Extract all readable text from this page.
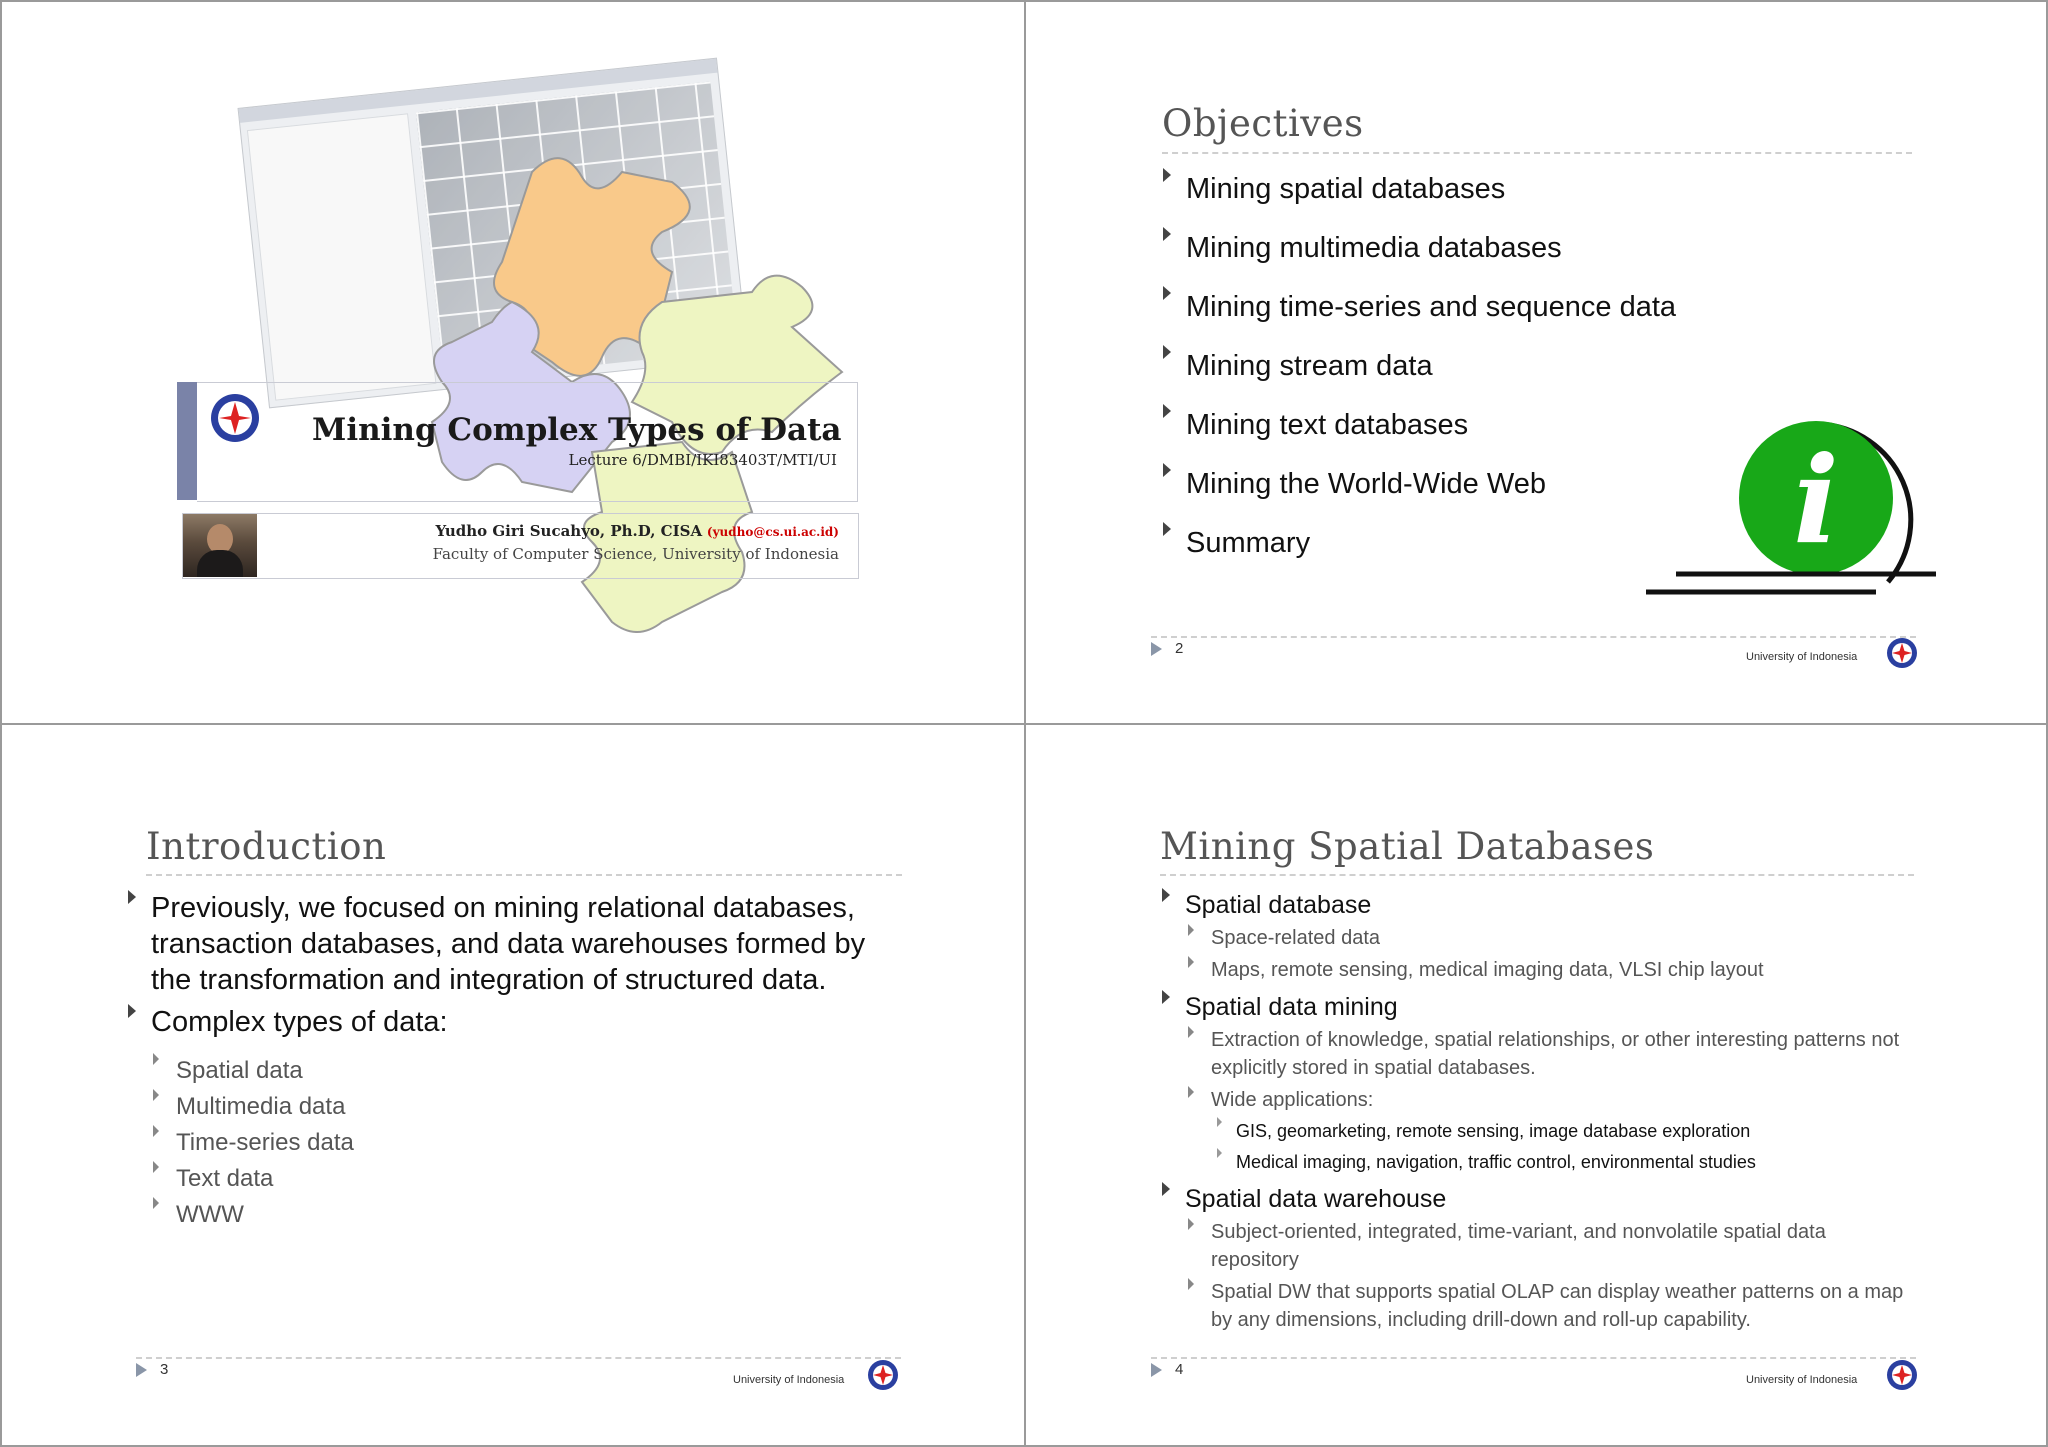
Mining Complex Types of Data
Lecture 6/DMBI/IKI83403T/MTI/UI
Yudho Giri Sucahyo, Ph.D, CISA (yudho@cs.ui.ac.id)
Faculty of Computer Science, University of Indonesia
Objectives
Mining spatial databases
Mining multimedia databases
Mining time-series and sequence data
Mining stream data
Mining text databases
Mining the World-Wide Web
Summary	i
2	University of Indonesia
Introduction
Previously, we focused on mining relational databases, transaction databases, and data warehouses formed by the transformation and integration of structured data.
Complex types of data:
Spatial data
Multimedia data
Time-series data
Text data
WWW
3
University of Indonesia
Mining Spatial Databases
Spatial database
Space-related data
Maps, remote sensing, medical imaging data, VLSI chip layout
Spatial data mining
Extraction of knowledge, spatial relationships, or other interesting patterns not explicitly stored in spatial databases.
Wide applications:
GIS, geomarketing, remote sensing, image database exploration
Medical imaging, navigation, traffic control, environmental studies
Spatial data warehouse
Subject-oriented, integrated, time-variant, and nonvolatile spatial data repository
Spatial DW that supports spatial OLAP can display weather patterns on a map by any dimensions, including drill-down and roll-up capability.
4
University of Indonesia
